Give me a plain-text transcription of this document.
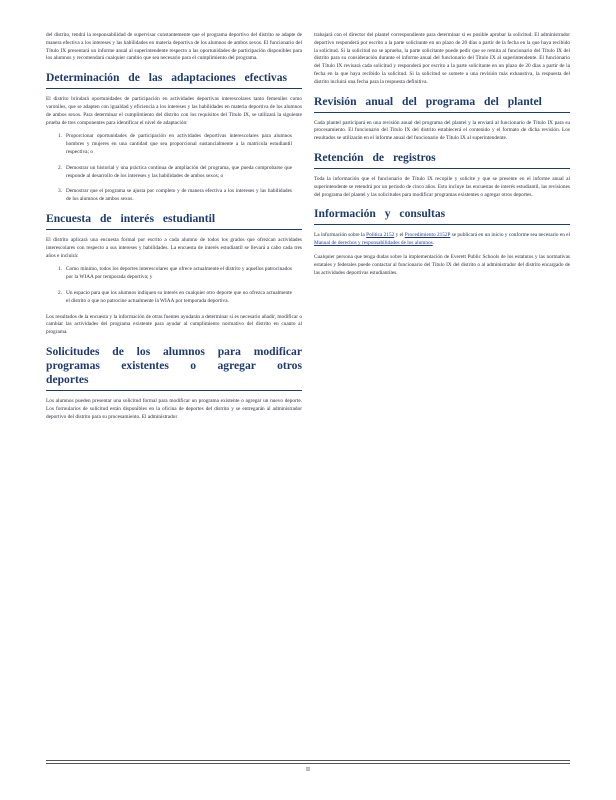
del distrito, tendrá la responsabilidad de supervisar constantemente que el programa deportivo del distrito se adapte de manera efectiva a los intereses y las habilidades en materia deportiva de los alumnos de ambos sexos. El funcionario del Título IX presentará un informe anual al superintendente respecto a las oportunidades de participación disponibles para los alumnos y recomendará cualquier cambio que sea necesario para el cumplimiento del programa.

Determinación de las adaptaciones efectivas

El distrito brindará oportunidades de participación en actividades deportivas interescolares tanto femeniles como varoniles, que se adapten con igualdad y eficiencia a los intereses y las habilidades en materia deportiva de los alumnos de ambos sexos. Para determinar el cumplimiento del distrito con los requisitos del Título IX, se utilizará la siguiente prueba de tres componentes para identificar el nivel de adaptación:

1. Proporcionar oportunidades de participación en actividades deportivas interescolares para alumnos hombres y mujeres en una cantidad que sea proporcional sustancialmente a la matrícula estudiantil respectiva; o
2. Demostrar un historial y una práctica continua de ampliación del programa, que pueda comprobarse que responde al desarrollo de los intereses y las habilidades de ambos sexos; o
3. Demostrar que el programa se ajusta por completo y de manera efectiva a los intereses y las habilidades de los alumnos de ambos sexos.
Encuesta de interés estudiantil

El distrito aplicará una encuesta formal por escrito a cada alumno de todos los grados que ofrezcan actividades interescolares con respecto a sus intereses y habilidades. La encuesta de interés estudiantil se llevará a cabo cada tres años e incluirá:

1. Como mínimo, todos los deportes interescolares que ofrece actualmente el distrito y aquellos patrocinados por la WIAA por temporada deportiva; y
2. Un espacio para que los alumnos indiquen su interés en cualquier otro deporte que no ofrezca actualmente el distrito o que no patrocine actualmente la WIAA por temporada deportiva.

Los resultados de la encuesta y la información de otras fuentes ayudarán a determinar si es necesario añadir, modificar o cambiar las actividades del programa existente para ayudar al cumplimiento normativo del distrito en cuanto al programa.

Solicitudes de los alumnos para modificar programas existentes o agregar otros deportes

Los alumnos pueden presentar una solicitud formal para modificar un programa existente o agregar un nuevo deporte. Los formularios de solicitud están disponibles en la oficina de deportes del distrito y se entregarán al administrador deportivo del distrito para su procesamiento. El administrador

trabajará con el director del plantel correspondiente para determinar si es posible aprobar la solicitud. El administrador deportivo responderá por escrito a la parte solicitante en un plazo de 20 días a partir de la fecha en la que haya recibido la solicitud. Si la solicitud no se aprueba, la parte solicitante puede pedir que se remita al funcionario del Título IX del distrito para su consideración durante el informe anual del funcionario del Título IX al superintendente. El funcionario del Título IX revisará cada solicitud y responderá por escrito a la parte solicitante en un plazo de 20 días a partir de la fecha en la que haya recibido la solicitud. Si la solicitud se somete a una revisión más exhaustiva, la respuesta del distrito incluirá una fecha para la respuesta definitiva.

Revisión anual del programa del plantel

Cada plantel participará en una revisión anual del programa del plantel y la enviará al funcionario de Título IX para su procesamiento. El funcionario del Título IX del distrito establecerá el contenido y el formato de dicha revisión. Los resultados se utilizarán en el informe anual del funcionario de Título IX al superintendente.

Retención de registros

Toda la información que el funcionario de Título IX recopile y solicite y que se presente en el informe anual al superintendente se retendrá por un periodo de cinco años. Esto incluye las encuestas de interés estudiantil, las revisiones del programa del plantel y las solicitudes para modificar programas existentes o agregar otros deportes.

Información y consultas

La información sobre la Política 2152 y el Procedimiento 2152P se publicará en un inicio y conforme sea necesario en el Manual de derechos y responsabilidades de los alumnos.

Cualquier persona que tenga dudas sobre la implementación de Everett Public Schools de los estatutos y las normativas estatales y federales puede contactar al funcionario del Título IX del distrito o al administrador del distrito encargado de las actividades deportivas estudiantiles.

II
